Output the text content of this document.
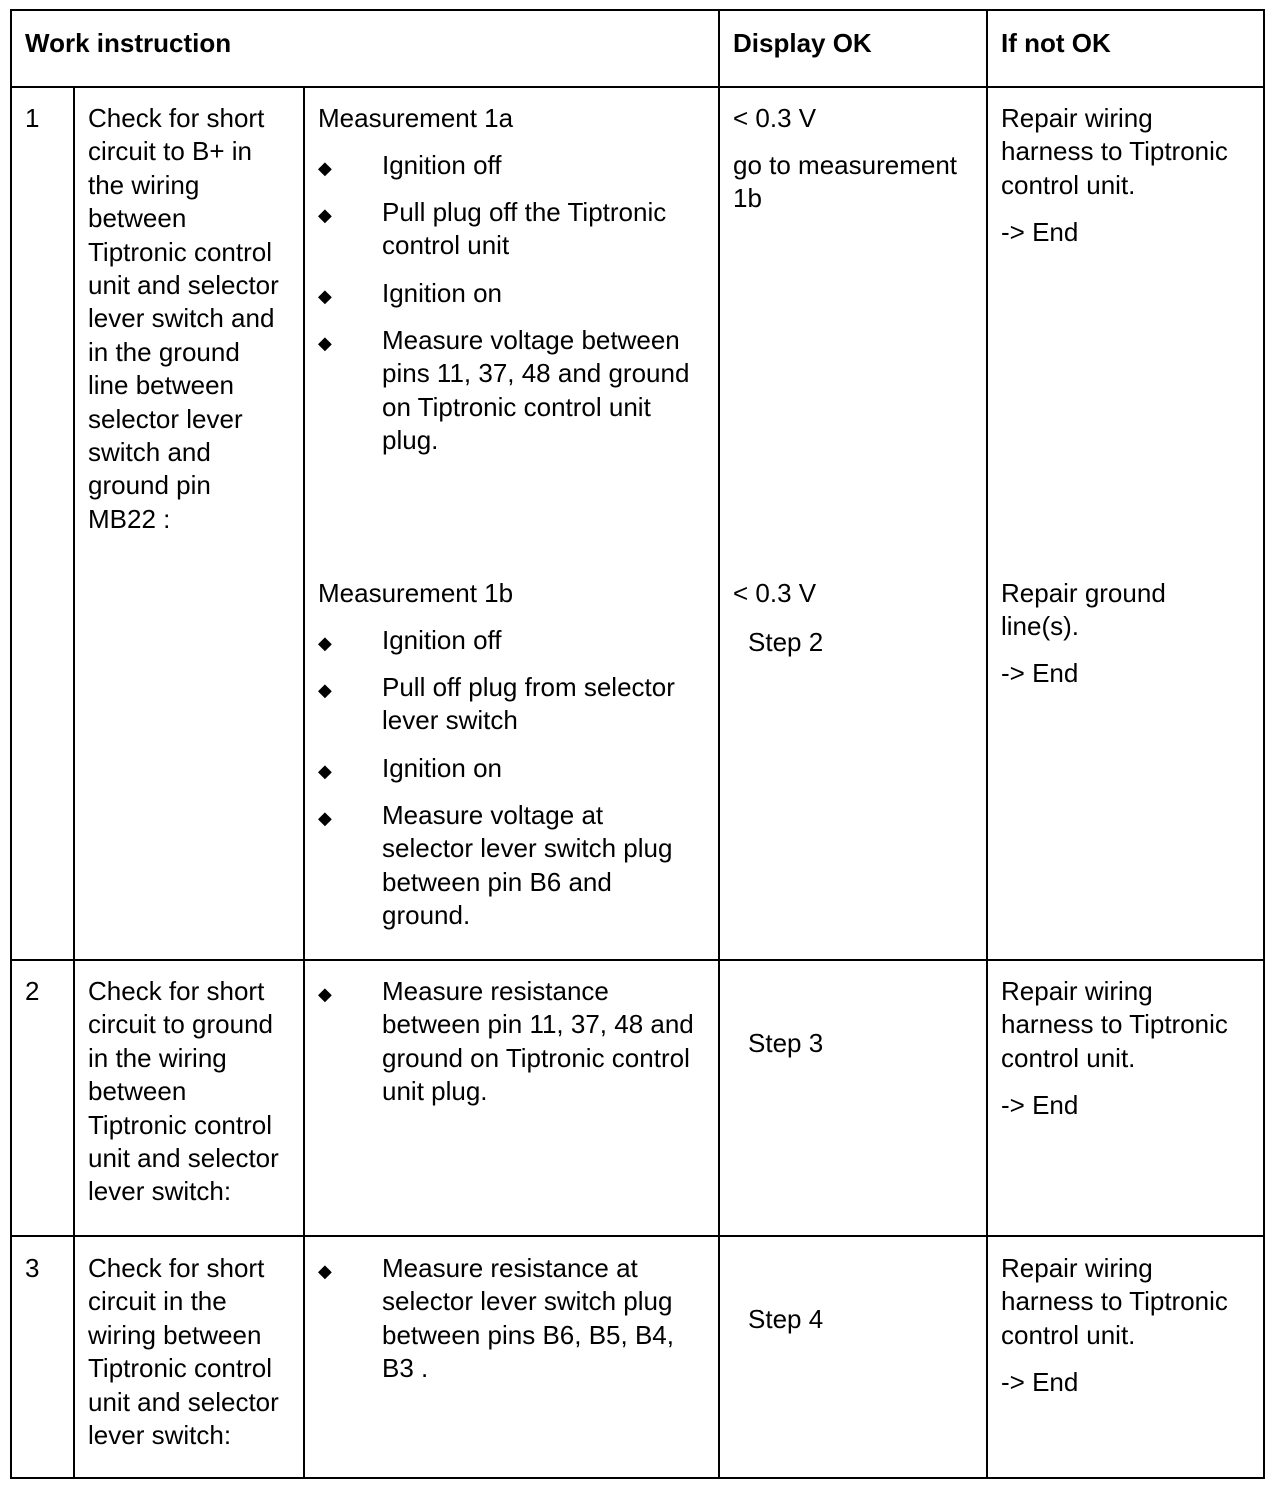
Work instruction	Display OK	If not OK
1 Check for short
circuit to B+ in
the wiring
between
Tiptronic control
unit and selector
lever switch and
in the ground
line between
selector lever
switch and
ground pin
MB22 :
Measurement 1a
◆ Ignition off
◆ Pull plug off the Tiptronic
control unit
◆ Ignition on
◆ Measure voltage between
pins 11, 37, 48 and ground
on Tiptronic control unit
plug.
< 0.3 V
go to measurement
1b
Repair wiring
harness to Tiptronic
control unit.
-> End
Measurement 1b
◆ Ignition off
◆ Pull off plug from selector
lever switch
◆ Ignition on
◆ Measure voltage at
selector lever switch plug
between pin B6 and
ground.
< 0.3 V
Step 2
Repair ground
line(s).
-> End
2 Check for short
circuit to ground
in the wiring
between
Tiptronic control
unit and selector
lever switch:
◆ Measure resistance
between pin 11, 37, 48 and
ground on Tiptronic control
unit plug.
Step 3
Repair wiring
harness to Tiptronic
control unit.
-> End
3 Check for short
circuit in the
wiring between
Tiptronic control
unit and selector
lever switch:
◆ Measure resistance at
selector lever switch plug
between pins B6, B5, B4,
B3 .
Step 4
Repair wiring
harness to Tiptronic
control unit.
-> End
